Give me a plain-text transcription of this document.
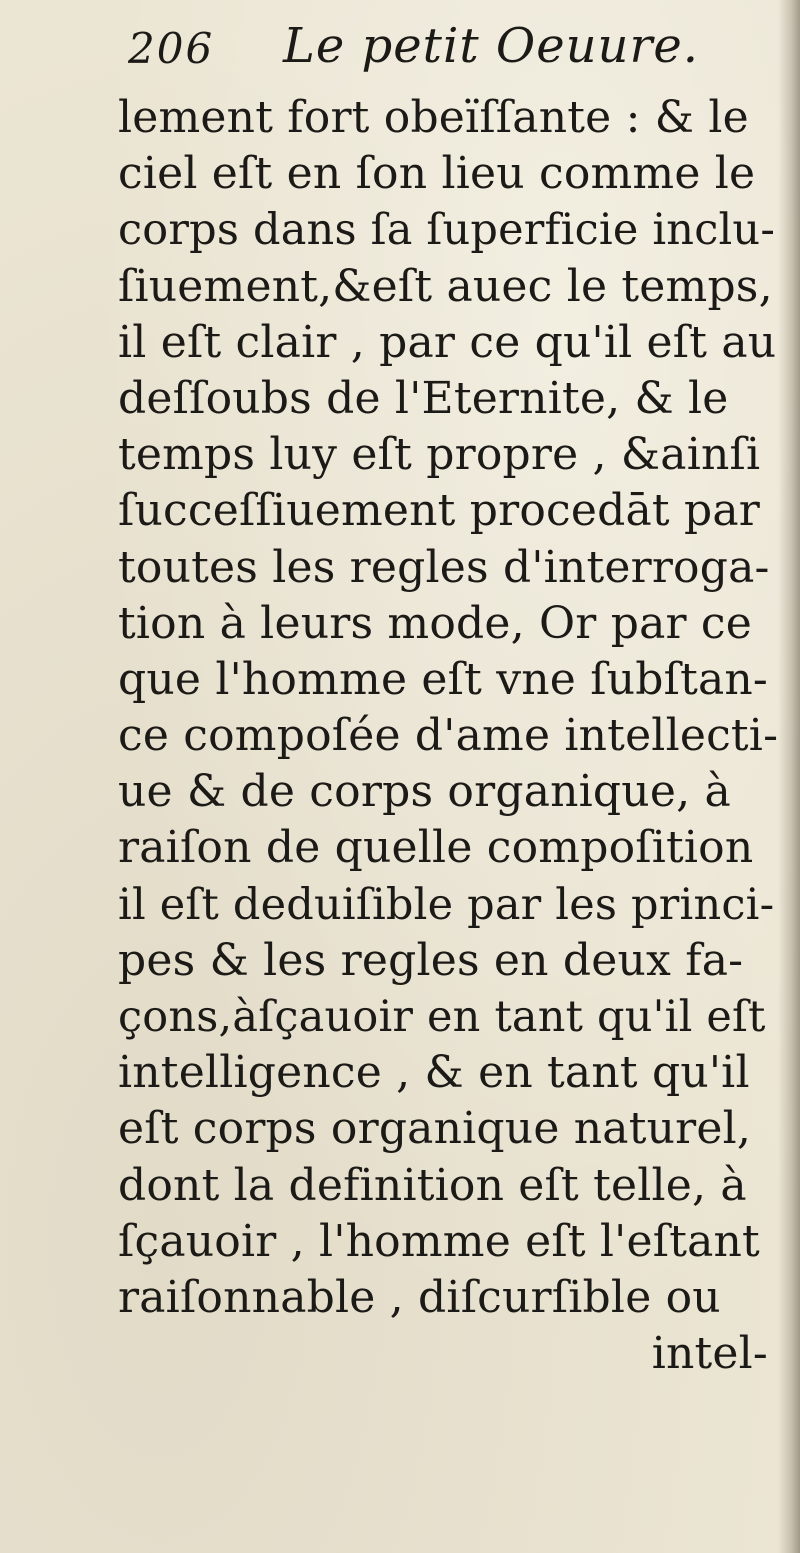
206 Le petit Oeuure.
lement fort obeïſſante : & le
ciel eſt en ſon lieu comme le
corps dans ſa ſuperficie inclu-
ſiuement,&eſt auec le temps,
il eſt clair , par ce qu'il eſt au
deſſoubs de l'Eternite, & le
temps luy eſt propre , &ainſi
ſucceſſiuement procedāt par
toutes les regles d'interroga-
tion à leurs mode, Or par ce
que l'homme eſt vne ſubſtan-
ce compoſée d'ame intellecti-
ue & de corps organique, à
raiſon de quelle compoſition
il eſt deduiſible par les princi-
pes & les regles en deux fa-
çons,àſçauoir en tant qu'il eſt
intelligence , & en tant qu'il
eſt corps organique naturel,
dont la definition eſt telle, à
ſçauoir , l'homme eſt l'eſtant
raiſonnable , diſcurſible ou
intel-
